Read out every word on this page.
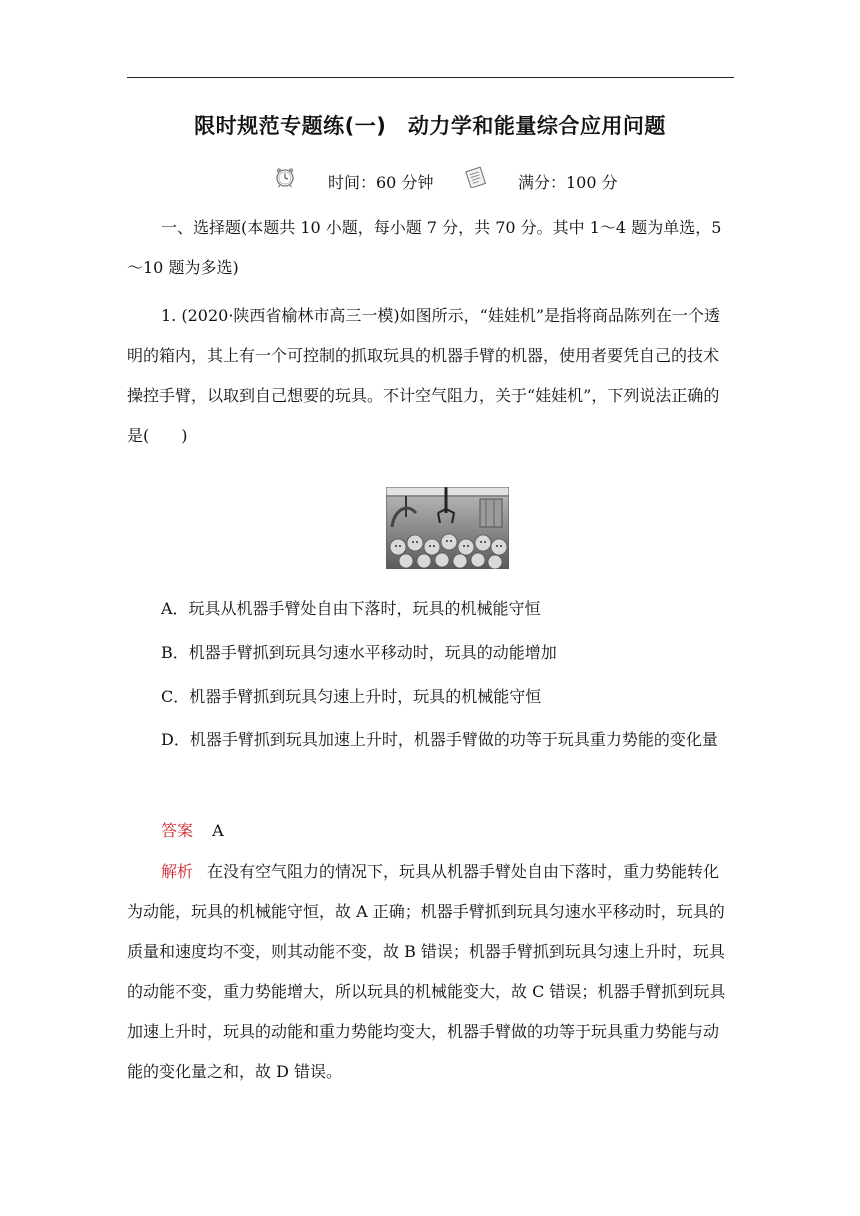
限时规范专题练(一)　动力学和能量综合应用问题
时间：60 分钟	满分：100 分

一、选择题(本题共 10 小题，每小题 7 分，共 70 分。其中 1～4 题为单选，5～10 题为多选)

1. (2020·陕西省榆林市高三一模)如图所示，“娃娃机”是指将商品陈列在一个透明的箱内，其上有一个可控制的抓取玩具的机器手臂的机器，使用者要凭自己的技术操控手臂，以取到自己想要的玩具。不计空气阻力，关于“娃娃机”，下列说法正确的是(　　)

A．玩具从机器手臂处自由下落时，玩具的机械能守恒
B．机器手臂抓到玩具匀速水平移动时，玩具的动能增加
C．机器手臂抓到玩具匀速上升时，玩具的机械能守恒

D．机器手臂抓到玩具加速上升时，机器手臂做的功等于玩具重力势能的变化量

答案 A

解析 在没有空气阻力的情况下，玩具从机器手臂处自由下落时，重力势能转化为动能，玩具的机械能守恒，故 A 正确；机器手臂抓到玩具匀速水平移动时，玩具的质量和速度均不变，则其动能不变，故 B 错误；机器手臂抓到玩具匀速上升时，玩具的动能不变，重力势能增大，所以玩具的机械能变大，故 C 错误；机器手臂抓到玩具加速上升时，玩具的动能和重力势能均变大，机器手臂做的功等于玩具重力势能与动能的变化量之和，故 D 错误。
